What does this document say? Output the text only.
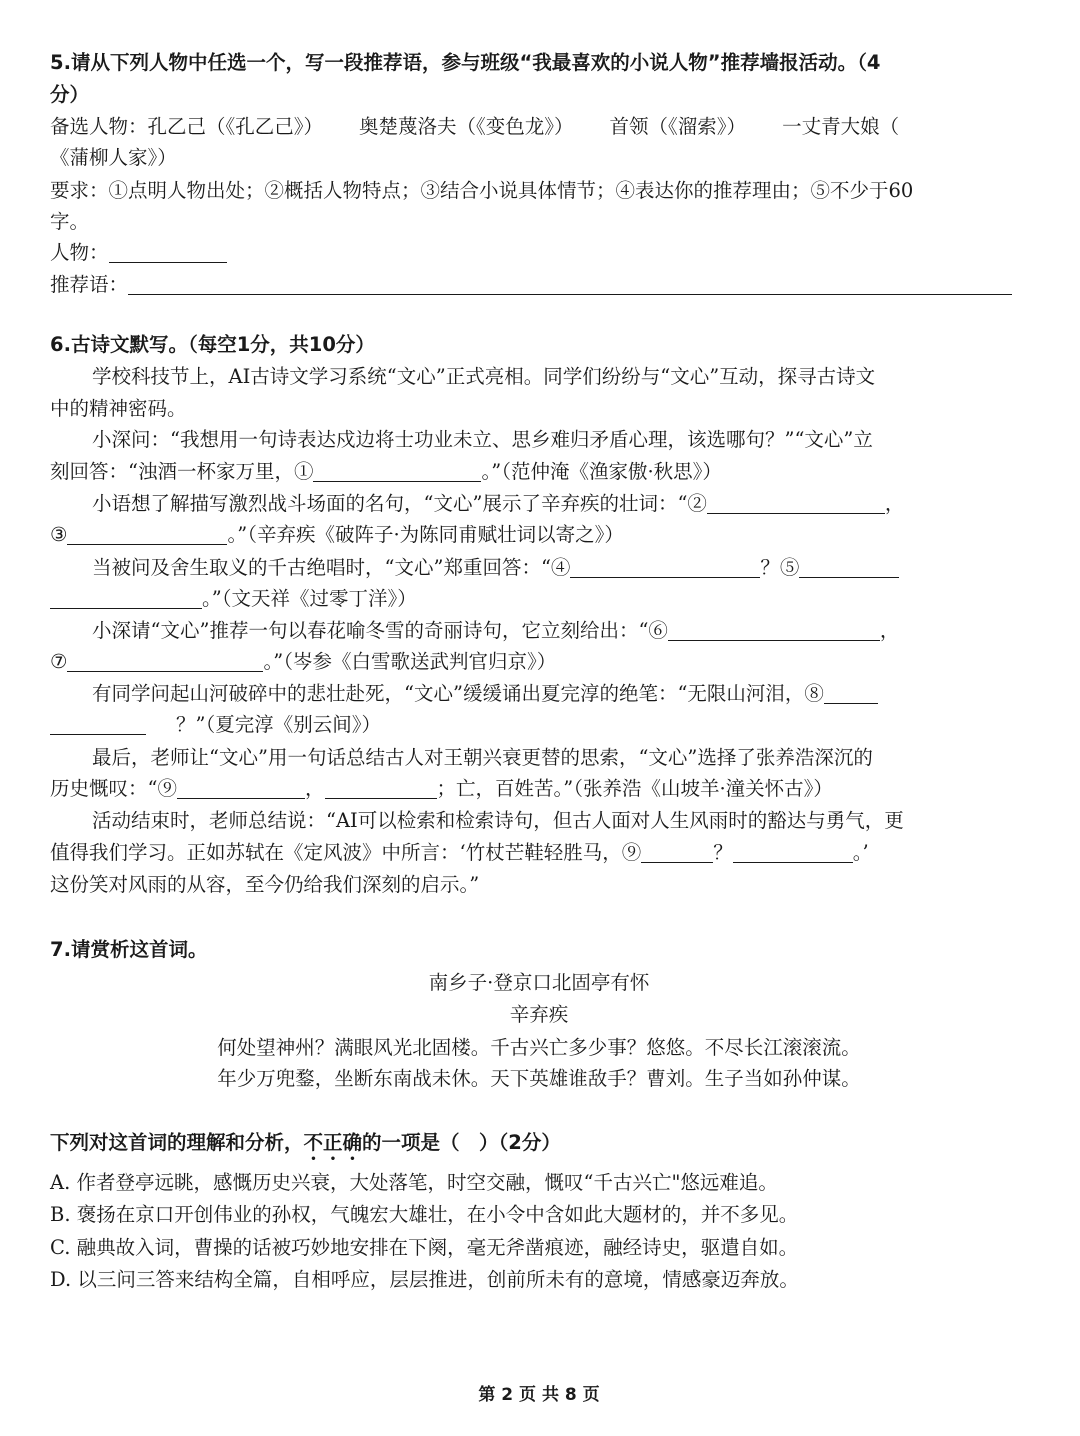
5.请从下列人物中任选一个，写一段推荐语，参与班级“我最喜欢的小说人物”推荐墙报活动。（4
分）
备选人物：孔乙己（《孔乙己》） 奥楚蔑洛夫（《变色龙》） 首领（《溜索》） 一丈青大娘（
《蒲柳人家》）
要求：①点明人物出处；②概括人物特点；③结合小说具体情节；④表达你的推荐理由；⑤不少于60
字。
人物：
推荐语：
6.古诗文默写。（每空1分，共10分）
学校科技节上，AI古诗文学习系统“文心”正式亮相。同学们纷纷与“文心”互动，探寻古诗文
中的精神密码。
小深问：“我想用一句诗表达戍边将士功业未立、思乡难归矛盾心理，该选哪句？”“文心”立
刻回答：“浊酒一杯家万里，①	。”（范仲淹《渔家傲·秋思》）
小语想了解描写激烈战斗场面的名句，“文心”展示了辛弃疾的壮词：“②	，
③	。”（辛弃疾《破阵子·为陈同甫赋壮词以寄之》）
当被问及舍生取义的千古绝唱时，“文心”郑重回答：“④	？⑤
。”（文天祥《过零丁洋》）
小深请“文心”推荐一句以春花喻冬雪的奇丽诗句，它立刻给出：“⑥	，
⑦	。”（岑参《白雪歌送武判官归京》）
有同学问起山河破碎中的悲壮赴死，“文心”缓缓诵出夏完淳的绝笔：“无限山河泪，⑧
？”（夏完淳《别云间》）
最后，老师让“文心”用一句话总结古人对王朝兴衰更替的思索，“文心”选择了张养浩深沉的
历史慨叹：“⑨	，	；亡，百姓苦。”（张养浩《山坡羊·潼关怀古》）
活动结束时，老师总结说：“AI可以检索和检索诗句，但古人面对人生风雨时的豁达与勇气，更
值得我们学习。正如苏轼在《定风波》中所言：‘竹杖芒鞋轻胜马，⑨	？	。’
这份笑对风雨的从容，至今仍给我们深刻的启示。”
7.请赏析这首词。
南乡子·登京口北固亭有怀
辛弃疾
何处望神州？满眼风光北固楼。千古兴亡多少事？悠悠。不尽长江滚滚流。
年少万兜鍪，坐断东南战未休。天下英雄谁敌手？曹刘。生子当如孙仲谋。
下列对这首词的理解和分析，不正确的一项是（　）（2分）
A. 作者登亭远眺，感慨历史兴衰，大处落笔，时空交融，慨叹“千古兴亡"悠远难追。
B. 褒扬在京口开创伟业的孙权，气魄宏大雄壮，在小令中含如此大题材的，并不多见。
C. 融典故入词，曹操的话被巧妙地安排在下阕，毫无斧凿痕迹，融经诗史，驱遣自如。
D. 以三问三答来结构全篇，自相呼应，层层推进，创前所未有的意境，情感豪迈奔放。
第 2 页 共 8 页
